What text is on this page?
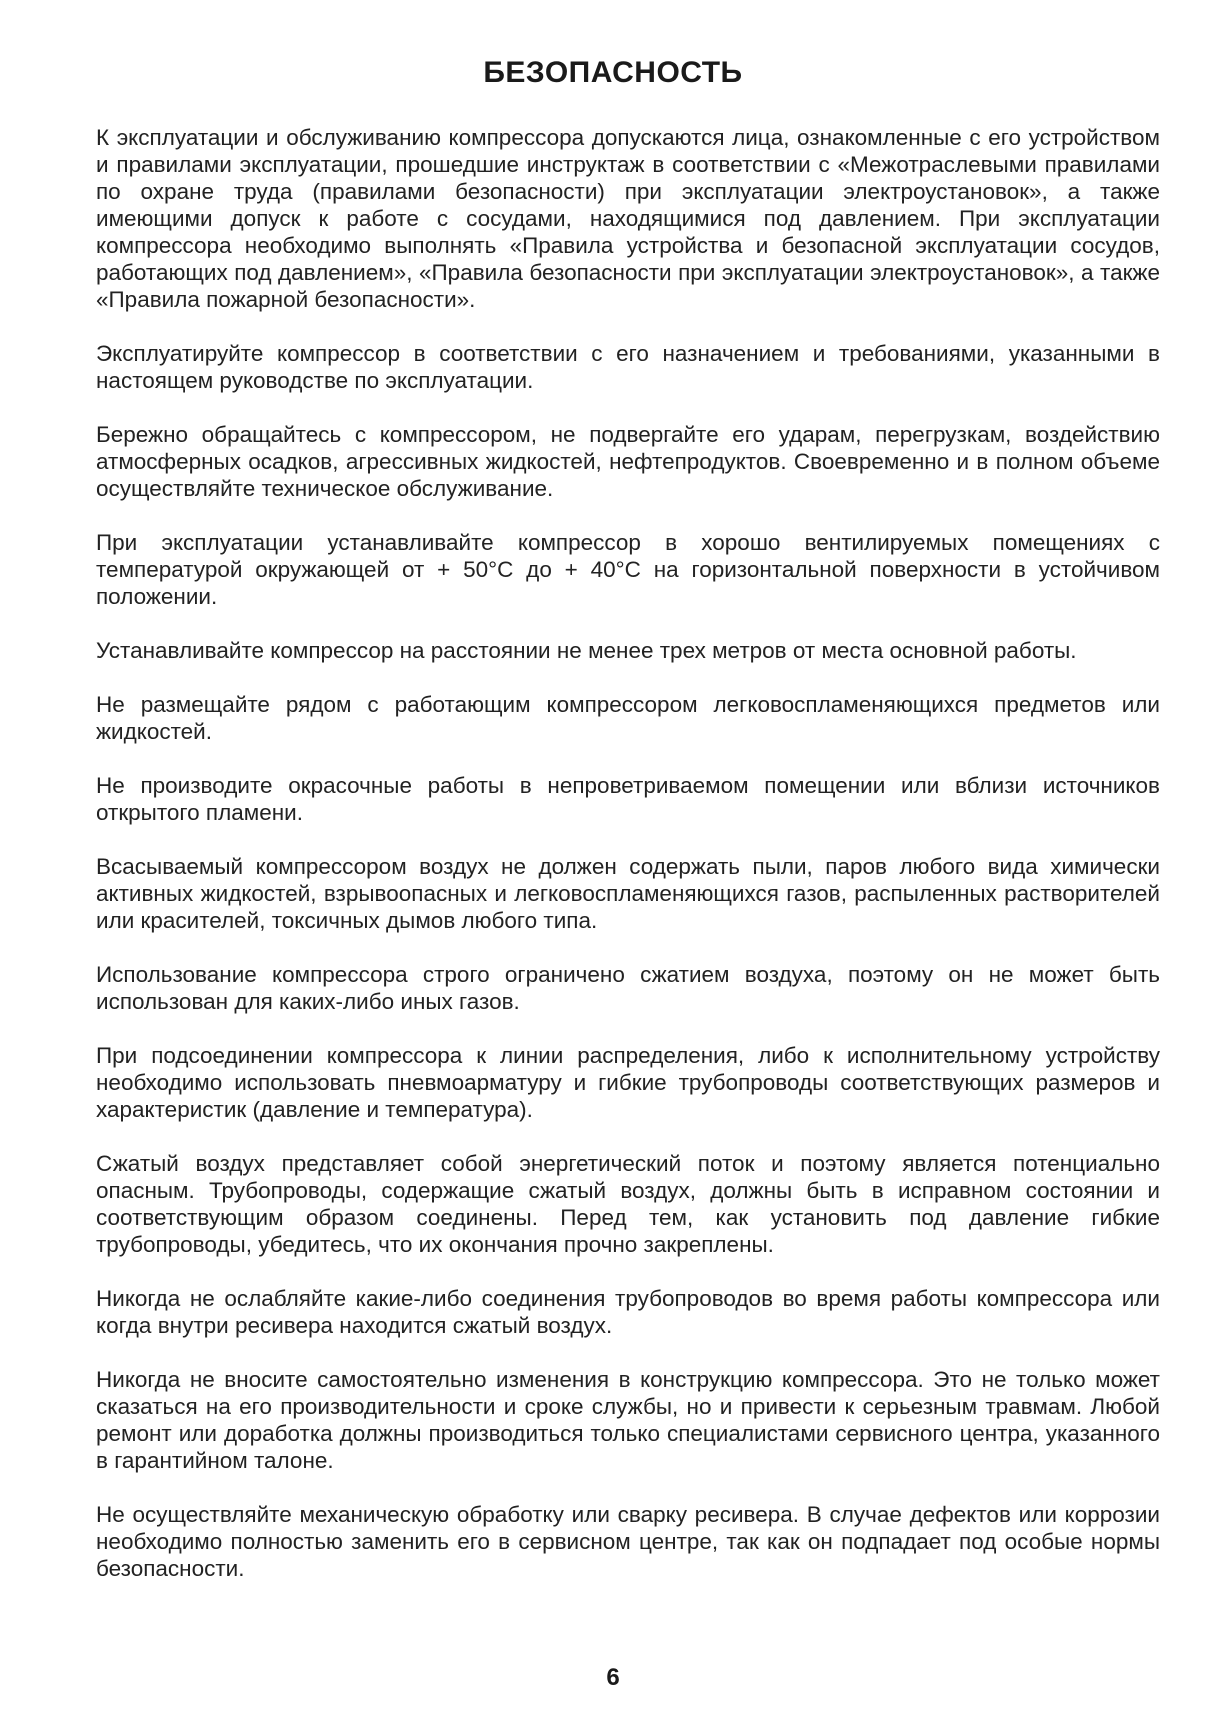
БЕЗОПАСНОСТЬ

К эксплуатации и обслуживанию компрессора допускаются лица, ознакомленные с его устройством и правилами эксплуатации, прошедшие инструктаж в соответствии с «Межотраслевыми правилами по охране труда (правилами безопасности) при эксплуатации электроустановок», а также имеющими допуск к работе с сосудами, находящимися под давлением. При эксплуатации компрессора необходимо выполнять «Правила устройства и безопасной эксплуатации сосудов, работающих под давлением», «Правила безопасности при эксплуатации электроустановок», а также «Правила пожарной безопасности».

Эксплуатируйте компрессор в соответствии с его назначением и требованиями, указанными в настоящем руководстве по эксплуатации.

Бережно обращайтесь с компрессором, не подвергайте его ударам, перегрузкам, воздействию атмосферных осадков, агрессивных жидкостей, нефтепродуктов. Своевременно и в полном объеме осуществляйте техническое обслуживание.

При эксплуатации устанавливайте компрессор в хорошо вентилируемых помещениях с температурой окружающей от + 50°С до + 40°С на горизонтальной поверхности в устойчивом положении.

Устанавливайте компрессор на расстоянии не менее трех метров от места основной работы.

Не размещайте рядом с работающим компрессором легковоспламеняющихся предметов или жидкостей.

Не производите окрасочные работы в непроветриваемом помещении или вблизи источников открытого пламени.

Всасываемый компрессором воздух не должен содержать пыли, паров любого вида химически активных жидкостей, взрывоопасных и легковоспламеняющихся газов, распыленных растворителей или красителей, токсичных дымов любого типа.

Использование компрессора строго ограничено сжатием воздуха, поэтому он не может быть использован для каких-либо иных газов.

При подсоединении компрессора к линии распределения, либо к исполнительному устройству необходимо использовать пневмоарматуру и гибкие трубопроводы соответствующих размеров и характеристик (давление и температура).

Сжатый воздух представляет собой энергетический поток и поэтому является потенциально опасным. Трубопроводы, содержащие сжатый воздух, должны быть в исправном состоянии и соответствующим образом соединены. Перед тем, как установить под давление гибкие трубопроводы, убедитесь, что их окончания прочно закреплены.

Никогда не ослабляйте какие-либо соединения трубопроводов во время работы компрессора или когда внутри ресивера находится сжатый воздух.

Никогда не вносите самостоятельно изменения в конструкцию компрессора. Это не только может сказаться на его производительности и сроке службы, но и привести к серьезным травмам. Любой ремонт или доработка должны производиться только специалистами сервисного центра, указанного в гарантийном талоне.

Не осуществляйте механическую обработку или сварку ресивера. В случае дефектов или коррозии необходимо полностью заменить его в сервисном центре, так как он подпадает под особые нормы безопасности.

6
